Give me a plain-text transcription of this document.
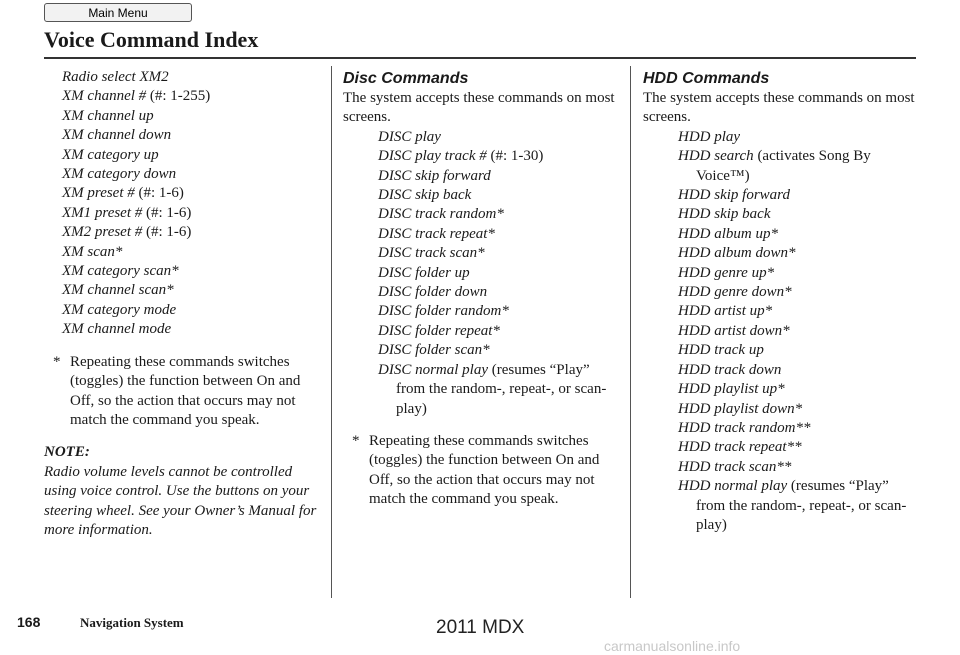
Main Menu
Voice Command Index
Radio select XM2
XM channel # (#: 1-255)
XM channel up
XM channel down
XM category up
XM category down
XM preset # (#: 1-6)
XM1 preset # (#: 1-6)
XM2 preset # (#: 1-6)
XM scan*
XM category scan*
XM channel scan*
XM category mode
XM channel mode

* Repeating these commands switches (toggles) the function between On and Off, so the action that occurs may not match the command you speak.

NOTE:

Radio volume levels cannot be controlled using voice control. Use the buttons on your steering wheel. See your Owner’s Manual for more information.

Disc Commands

The system accepts these commands on most screens.

DISC play
DISC play track # (#: 1-30)
DISC skip forward
DISC skip back
DISC track random*
DISC track repeat*
DISC track scan*
DISC folder up
DISC folder down
DISC folder random*
DISC folder repeat*
DISC folder scan*
DISC normal play (resumes “Play”
from the random-, repeat-, or scan-play)

* Repeating these commands switches (toggles) the function between On and Off, so the action that occurs may not match the command you speak.

HDD Commands

The system accepts these commands on most screens.

HDD play
HDD search (activates Song By
Voice™)
HDD skip forward
HDD skip back
HDD album up*
HDD album down*
HDD genre up*
HDD genre down*
HDD artist up*
HDD artist down*
HDD track up
HDD track down
HDD playlist up*
HDD playlist down*
HDD track random**
HDD track repeat**
HDD track scan**
HDD normal play (resumes “Play”
from the random-, repeat-, or scan-play)
168	Navigation System	2011 MDX
carmanualsonline.info
